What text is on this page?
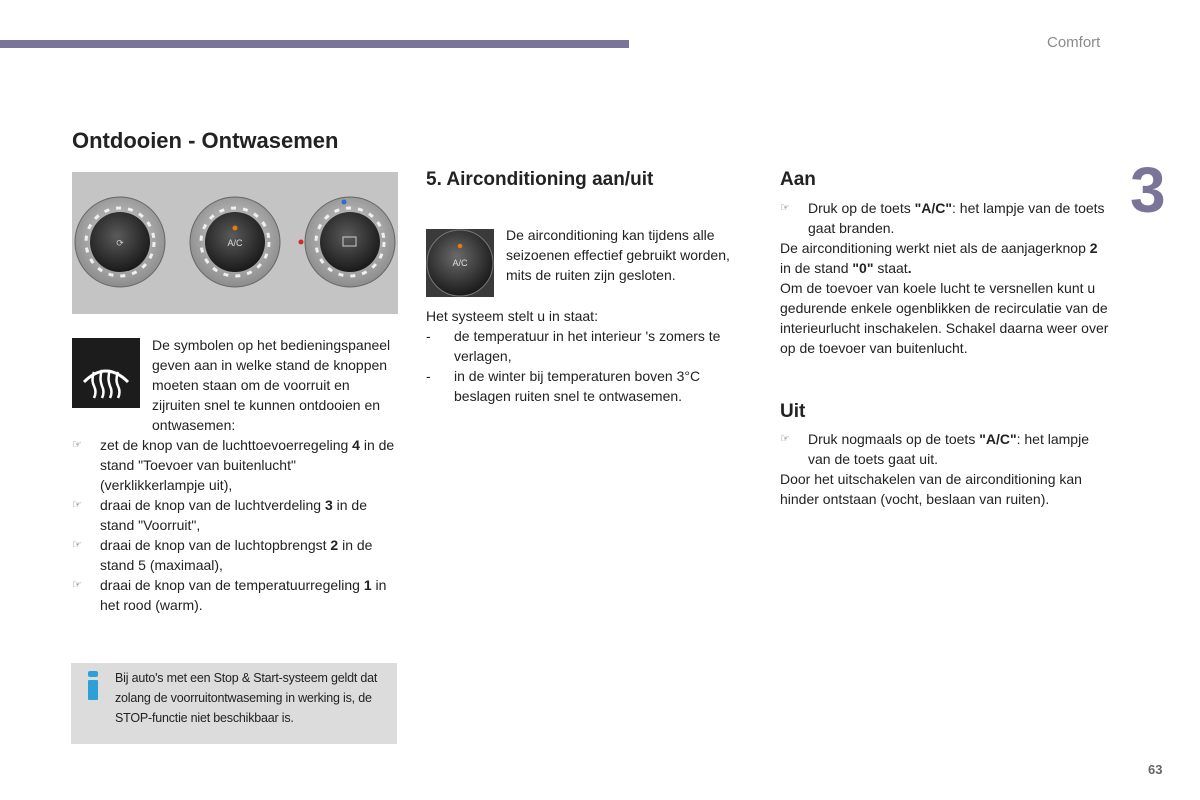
Comfort
3
Ontdooien - Ontwasemen
⟳	A/C
De symbolen op het bedieningspaneel geven aan in welke stand de knoppen moeten staan om de voorruit en zijruiten snel te kunnen ontdooien en ontwasemen:
☞ zet de knop van de luchttoevoerregeling 4 in de stand "Toevoer van buitenlucht" (verklikkerlampje uit),
☞ draai de knop van de luchtverdeling 3 in de stand "Voorruit",
☞ draai de knop van de luchtopbrengst 2 in de stand 5 (maximaal),
☞ draai de knop van de temperatuurregeling 1 in het rood (warm).
Bij auto's met een Stop & Start-systeem geldt dat zolang de voorruitontwaseming in werking is, de STOP-functie niet beschikbaar is.
5. Airconditioning aan/uit
A/C
De airconditioning kan tijdens alle seizoenen effectief gebruikt worden, mits de ruiten zijn gesloten.
Het systeem stelt u in staat:
- de temperatuur in het interieur 's zomers te verlagen,
- in de winter bij temperaturen boven 3°C beslagen ruiten snel te ontwasemen.
Aan
☞ Druk op de toets "A/C": het lampje van de toets gaat branden.
De airconditioning werkt niet als de aanjagerknop 2 in de stand "0" staat.
Om de toevoer van koele lucht te versnellen kunt u gedurende enkele ogenblikken de recirculatie van de interieurlucht inschakelen. Schakel daarna weer over op de toevoer van buitenlucht.
Uit
☞ Druk nogmaals op de toets "A/C": het lampje van de toets gaat uit.
Door het uitschakelen van de airconditioning kan hinder ontstaan (vocht, beslaan van ruiten).
63
